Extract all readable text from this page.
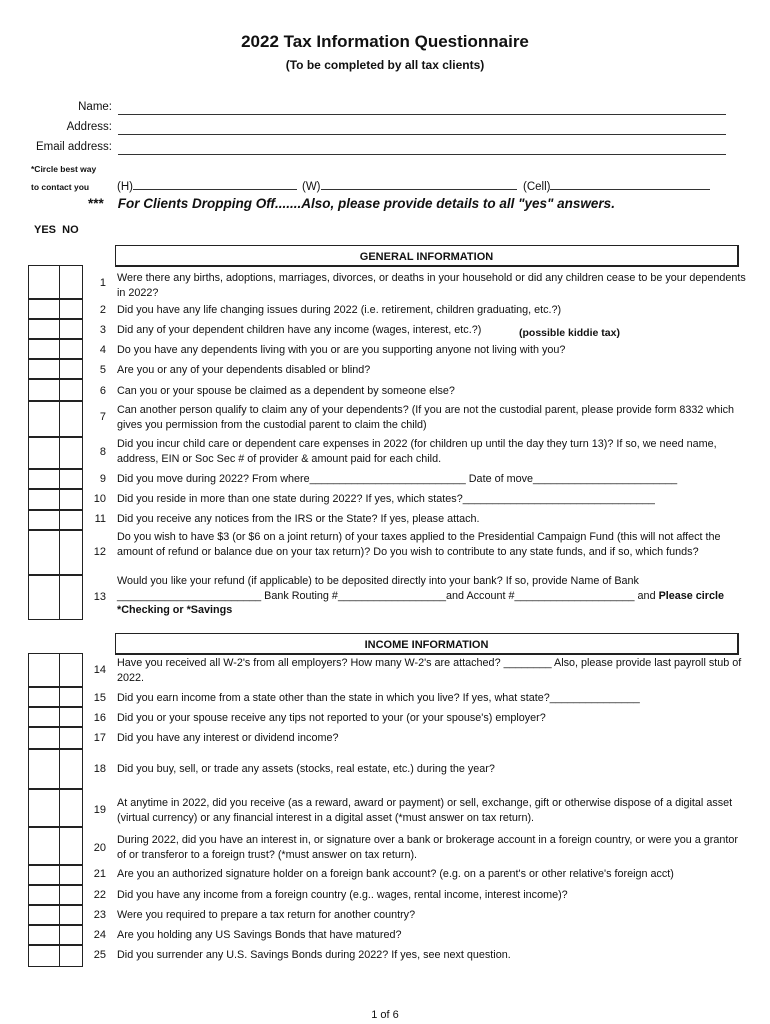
2022 Tax Information Questionnaire
(To be completed by all tax clients)
Name:
Address:
Email address:
*Circle best way
to contact you (H)	(W)	(Cell)
*** For Clients Dropping Off.......Also, please provide details to all "yes" answers.
YES  NO
GENERAL INFORMATION
1 Were there any births, adoptions, marriages, divorces, or deaths in your household or did any children cease to be your dependents in 2022?
2 Did you have any life changing issues during 2022 (i.e. retirement, children graduating, etc.?)
3 Did any of your dependent children have any income (wages, interest, etc.?)	(possible kiddie tax)
4 Do you have any dependents living with you or are you supporting anyone not living with you?
5 Are you or any of your dependents disabled or blind?
6 Can you or your spouse be claimed as a dependent by someone else?
7
Can another person qualify to claim any of your dependents? (If you are not the custodial parent, please provide form 8332 which gives you permission from the custodial parent to claim the child)
8
Did you incur child care or dependent care expenses in 2022 (for children up until the day they turn 13)? If so, we need name, address, EIN or Soc Sec # of provider & amount paid for each child.
9 Did you move during 2022? From where__________________________ Date of move________________________
10 Did you reside in more than one state during 2022? If yes, which states?________________________________
11 Did you receive any notices from the IRS or the State? If yes, please attach.
12
Do you wish to have $3 (or $6 on a joint return) of your taxes applied to the Presidential Campaign Fund (this will not affect the amount of refund or balance due on your tax return)? Do you wish to contribute to any state funds, and if so, which funds?
13
Would you like your refund (if applicable) to be deposited directly into your bank? If so, provide Name of Bank ________________________ Bank Routing #__________________and Account #____________________ and Please circle *Checking or *Savings
INCOME INFORMATION
14
Have you received all W-2's from all employers? How many W-2's are attached? ________ Also, please provide last payroll stub of 2022.
15 Did you earn income from a state other than the state in which you live? If yes, what state?_______________
16 Did you or your spouse receive any tips not reported to your (or your spouse's) employer?
17 Did you have any interest or dividend income?
18 Did you buy, sell, or trade any assets (stocks, real estate, etc.) during the year?
19
At anytime in 2022, did you receive (as a reward, award or payment) or sell, exchange, gift or otherwise dispose of a digital asset (virtual currency) or any financial interest in a digital asset (*must answer on tax return).
20
During 2022, did you have an interest in, or signature over a bank or brokerage account in a foreign country, or were you a grantor of or transferor to a foreign trust? (*must answer on tax return).
21 Are you an authorized signature holder on a foreign bank account? (e.g. on a parent's or other relative's foreign acct)
22 Did you have any income from a foreign country (e.g.. wages, rental income, interest income)?
23 Were you required to prepare a tax return for another country?
24 Are you holding any US Savings Bonds that have matured?
25 Did you surrender any U.S. Savings Bonds during 2022? If yes, see next question.
1 of 6
